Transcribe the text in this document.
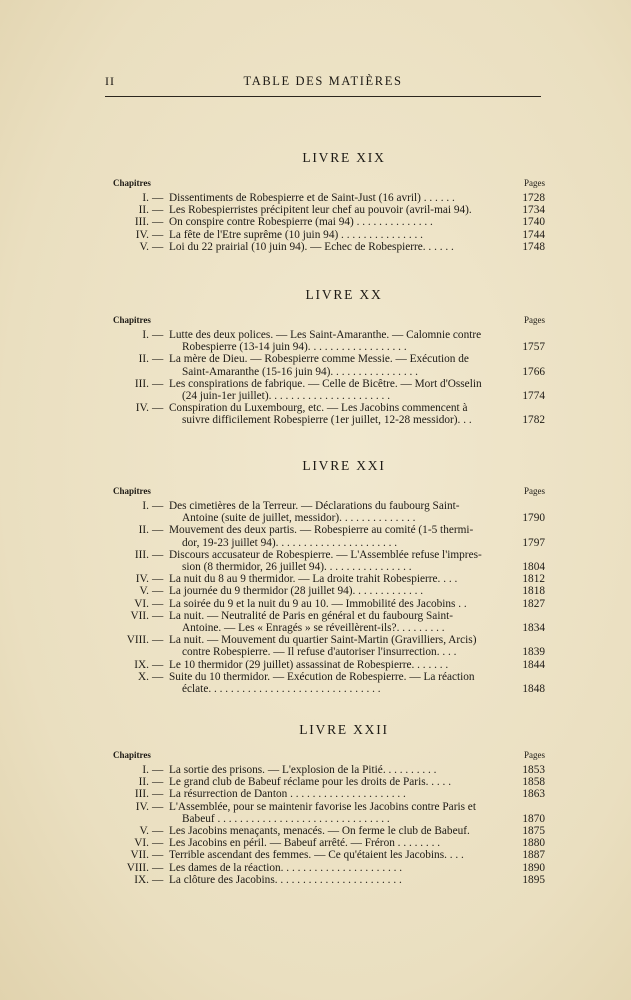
II	TABLE DES MATIÈRES
LIVRE XIX
Chapitres	Pages
I. — Dissentiments de Robespierre et de Saint-Just (16 avril) . . . . . .	1728
II. — Les Robespierristes précipitent leur chef au pouvoir (avril-mai 94).	1734
III. — On conspire contre Robespierre (mai 94) . . . . . . . . . . . . . .	1740
IV. — La fête de l'Etre suprême (10 juin 94) . . . . . . . . . . . . . . .	1744
V. — Loi du 22 prairial (10 juin 94). — Echec de Robespierre. . . . . .	1748
LIVRE XX
Chapitres	Pages
I. — Lutte des deux polices. — Les Saint-Amaranthe. — Calomnie contre

Robespierre (13-14 juin 94). . . . . . . . . . . . . . . . . .	1757
II. — La mère de Dieu. — Robespierre comme Messie. — Exécution de

Saint-Amaranthe (15-16 juin 94). . . . . . . . . . . . . . . .	1766
III. — Les conspirations de fabrique. — Celle de Bicêtre. — Mort d'Osselin

(24 juin-1er juillet). . . . . . . . . . . . . . . . . . . . . .	1774
IV. — Conspiration du Luxembourg, etc. — Les Jacobins commencent à

suivre difficilement Robespierre (1er juillet, 12-28 messidor). . .	1782
LIVRE XXI
Chapitres	Pages
I. — Des cimetières de la Terreur. — Déclarations du faubourg Saint-

Antoine (suite de juillet, messidor). . . . . . . . . . . . . .	1790
II. — Mouvement des deux partis. — Robespierre au comité (1-5 thermi-

dor, 19-23 juillet 94). . . . . . . . . . . . . . . . . . . . . .	1797
III. — Discours accusateur de Robespierre. — L'Assemblée refuse l'impres-

sion (8 thermidor, 26 juillet 94). . . . . . . . . . . . . . . .	1804
IV. — La nuit du 8 au 9 thermidor. — La droite trahit Robespierre. . . .	1812
V. — La journée du 9 thermidor (28 juillet 94). . . . . . . . . . . . .	1818
VI. — La soirée du 9 et la nuit du 9 au 10. — Immobilité des Jacobins . .	1827
VII. — La nuit. — Neutralité de Paris en général et du faubourg Saint-

Antoine. — Les « Enragés » se réveillèrent-ils?. . . . . . . . .	1834
VIII. — La nuit. — Mouvement du quartier Saint-Martin (Gravilliers, Arcis)

contre Robespierre. — Il refuse d'autoriser l'insurrection. . . .	1839
IX. — Le 10 thermidor (29 juillet) assassinat de Robespierre. . . . . . .	1844
X. — Suite du 10 thermidor. — Exécution de Robespierre. — La réaction

éclate. . . . . . . . . . . . . . . . . . . . . . . . . . . . . . .	1848
LIVRE XXII
Chapitres	Pages
I. — La sortie des prisons. — L'explosion de la Pitié. . . . . . . . . .	1853
II. — Le grand club de Babeuf réclame pour les droits de Paris. . . . .	1858
III. — La résurrection de Danton . . . . . . . . . . . . . . . . . . . . .	1863
IV. — L'Assemblée, pour se maintenir favorise les Jacobins contre Paris et

Babeuf . . . . . . . . . . . . . . . . . . . . . . . . . . . . . . .	1870
V. — Les Jacobins menaçants, menacés. — On ferme le club de Babeuf.	1875
VI. — Les Jacobins en péril. — Babeuf arrêté. — Fréron . . . . . . . .	1880
VII. — Terrible ascendant des femmes. — Ce qu'étaient les Jacobins. . . .	1887
VIII. — Les dames de la réaction. . . . . . . . . . . . . . . . . . . . . .	1890
IX. — La clôture des Jacobins. . . . . . . . . . . . . . . . . . . . . . .	1895
